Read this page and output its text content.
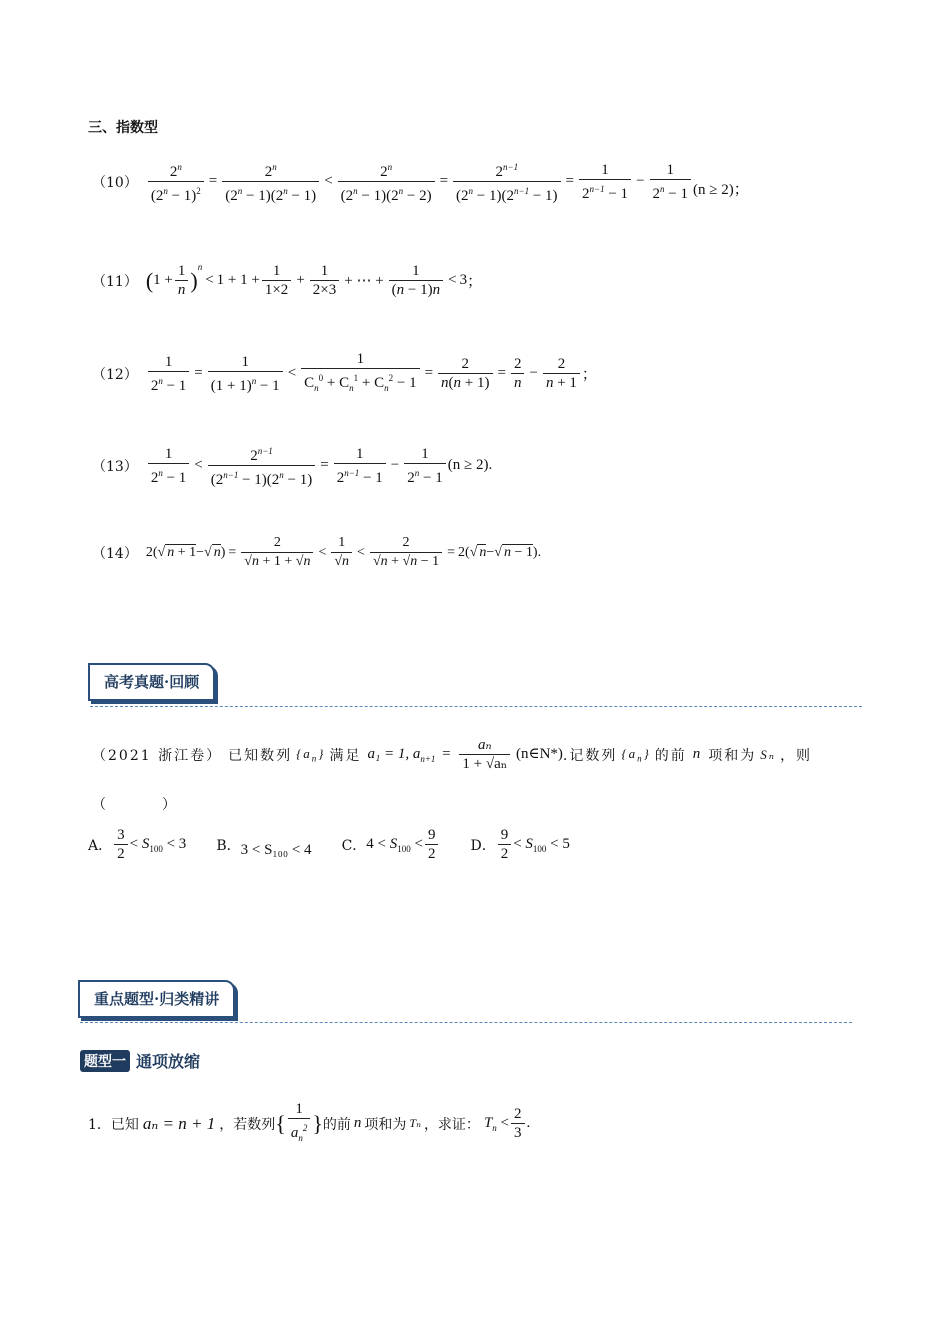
三、指数型
$(10) \frac{2^n}{(2^n - 1)^2} = \frac{2^n}{(2^n - 1)(2^n - 1)} < \frac{2^n}{(2^n - 1)(2^n - 2)} = \frac{2^{n-1}}{(2^n - 1)(2^{n-1} - 1)} = \frac{1}{2^{n-1} - 1} - \frac{1}{2^n - 1} (n \ge 2)$；
（11） ( $1 + \frac{1}{n}$ )
$^n$
< $1 + 1 + \frac{1}{1\times 2} + \frac{1}{2\times 3}$ + ⋯ + $\frac{1}{(n - 1)n} < 3$ ；
$(12) \frac{1}{2^n - 1} = \frac{1}{(1 + 1)^n - 1} < \frac{1}{C_n^0 + C_n^1 + C_n^2 - 1} = \frac{2}{n(n + 1)} = \frac{2}{n} - \frac{2}{n + 1}$ ；
$(13) \frac{1}{2^n - 1} < \frac{2^{n-1}}{(2^{n-1} - 1)(2^n - 1)} = \frac{1}{2^{n-1} - 1} - \frac{1}{2^n - 1} (n \ge 2)$.
（14） 2( √ n + 1 − √ n ) = 2
√ n + 1 + √ n < 1
√ n < 2
√ n + √ n − 1 = 2( √ n − √ n − 1 ) .
高考真题·回顾
（2021 浙江卷） 已知数列 $\{a_n\}$ 满足 a₁ = 1, $a_{n+1} = \frac{\text{aₙ}}{\text{1 + √aₙ}}$ (n∈N*) .记数列 $\{a_n\}$ 的前 n 项和为 Sₙ ，则
（　　　　）
A． $\frac{3}{2} < S_{100} < 3$ B． 3 < S₁₀₀ < 4 C． $4 < S_{100} < \frac{9}{2}$ D． $\frac{9}{2} < S_{100} < 5$
重点题型·归类精讲
题型一 通项放缩
1． 已知 aₙ = n + 1 ，若数列 { $\frac{1}{a_n^2}$ } 的前 n 项和为 Tₙ ，求证： $T_n < \frac{2}{3}$ .
